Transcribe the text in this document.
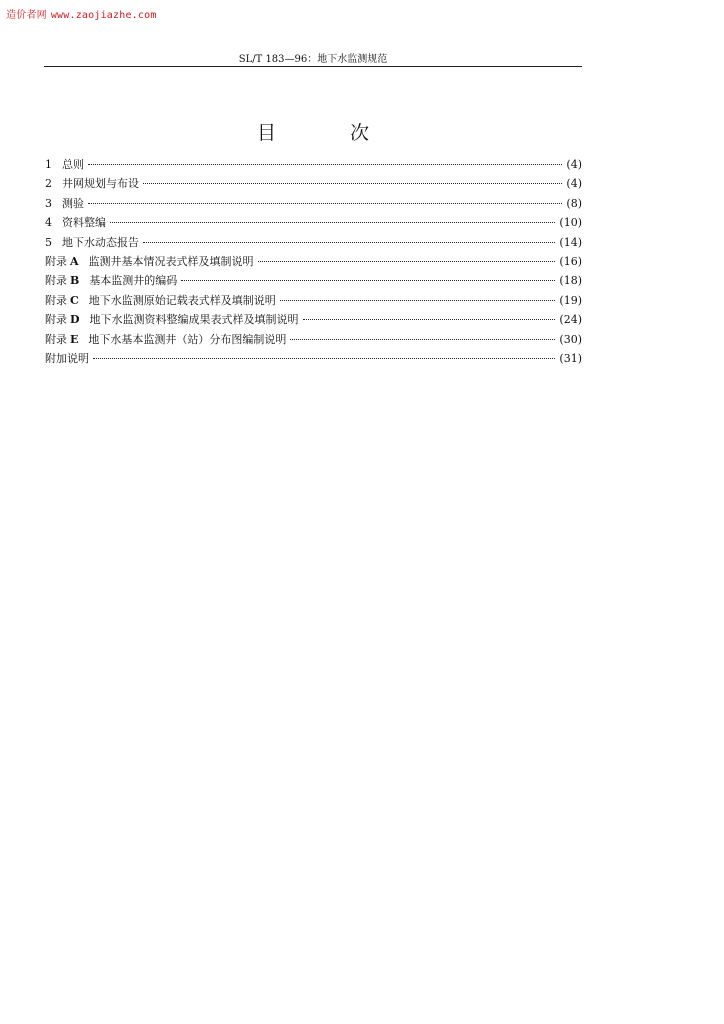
造价者网 www.zaojiazhe.com
SL/T 183—96：地下水监测规范
目 次
1 总则	(4)
2 井网规划与布设	(4)
3 测验	(8)
4 资料整编	(10)
5 地下水动态报告	(14)
附录 A 监测井基本情况表式样及填制说明	(16)
附录 B 基本监测井的编码	(18)
附录 C 地下水监测原始记载表式样及填制说明	(19)
附录 D 地下水监测资料整编成果表式样及填制说明	(24)
附录 E 地下水基本监测井（站）分布图编制说明	(30)
附加说明	(31)
